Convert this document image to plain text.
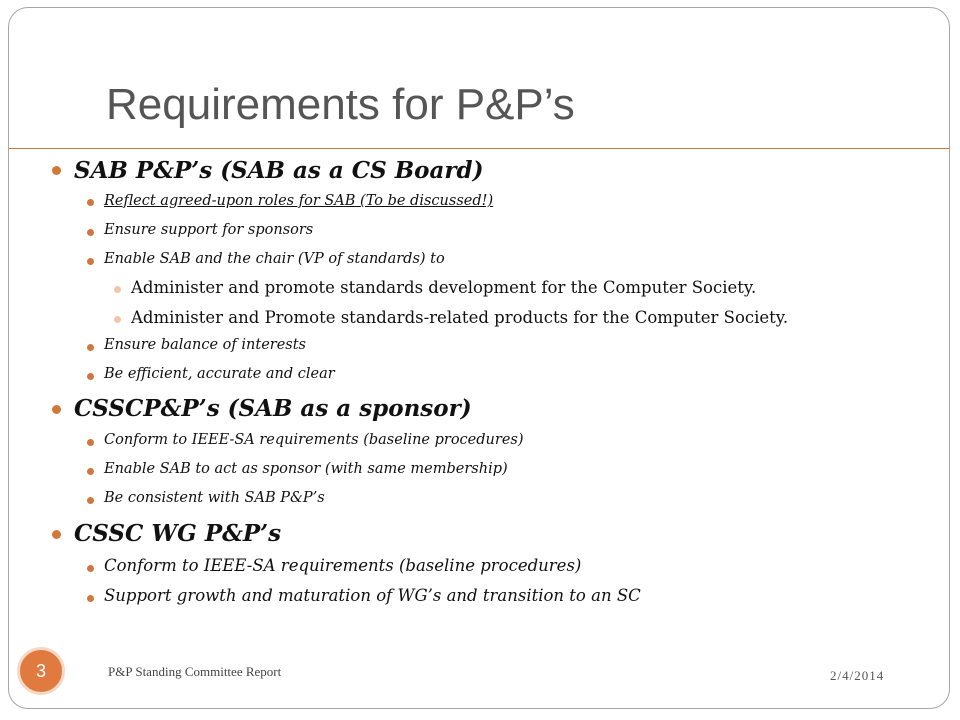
Requirements for P&P’s
SAB P&P’s (SAB as a CS Board)
Reflect agreed-upon roles for SAB (To be discussed!)
Ensure support for sponsors
Enable SAB and the chair (VP of standards) to
Administer and promote standards development for the Computer Society.
Administer and Promote standards-related products for the Computer Society.
Ensure balance of interests
Be efficient, accurate and clear
CSSCP&P’s (SAB as a sponsor)
Conform to IEEE-SA requirements (baseline procedures)
Enable SAB to act as sponsor (with same membership)
Be consistent with SAB P&P’s
CSSC WG P&P’s
Conform to IEEE-SA requirements (baseline procedures)
Support growth and maturation of WG’s and transition to an SC
3	P&P Standing Committee Report	2/4/2014
